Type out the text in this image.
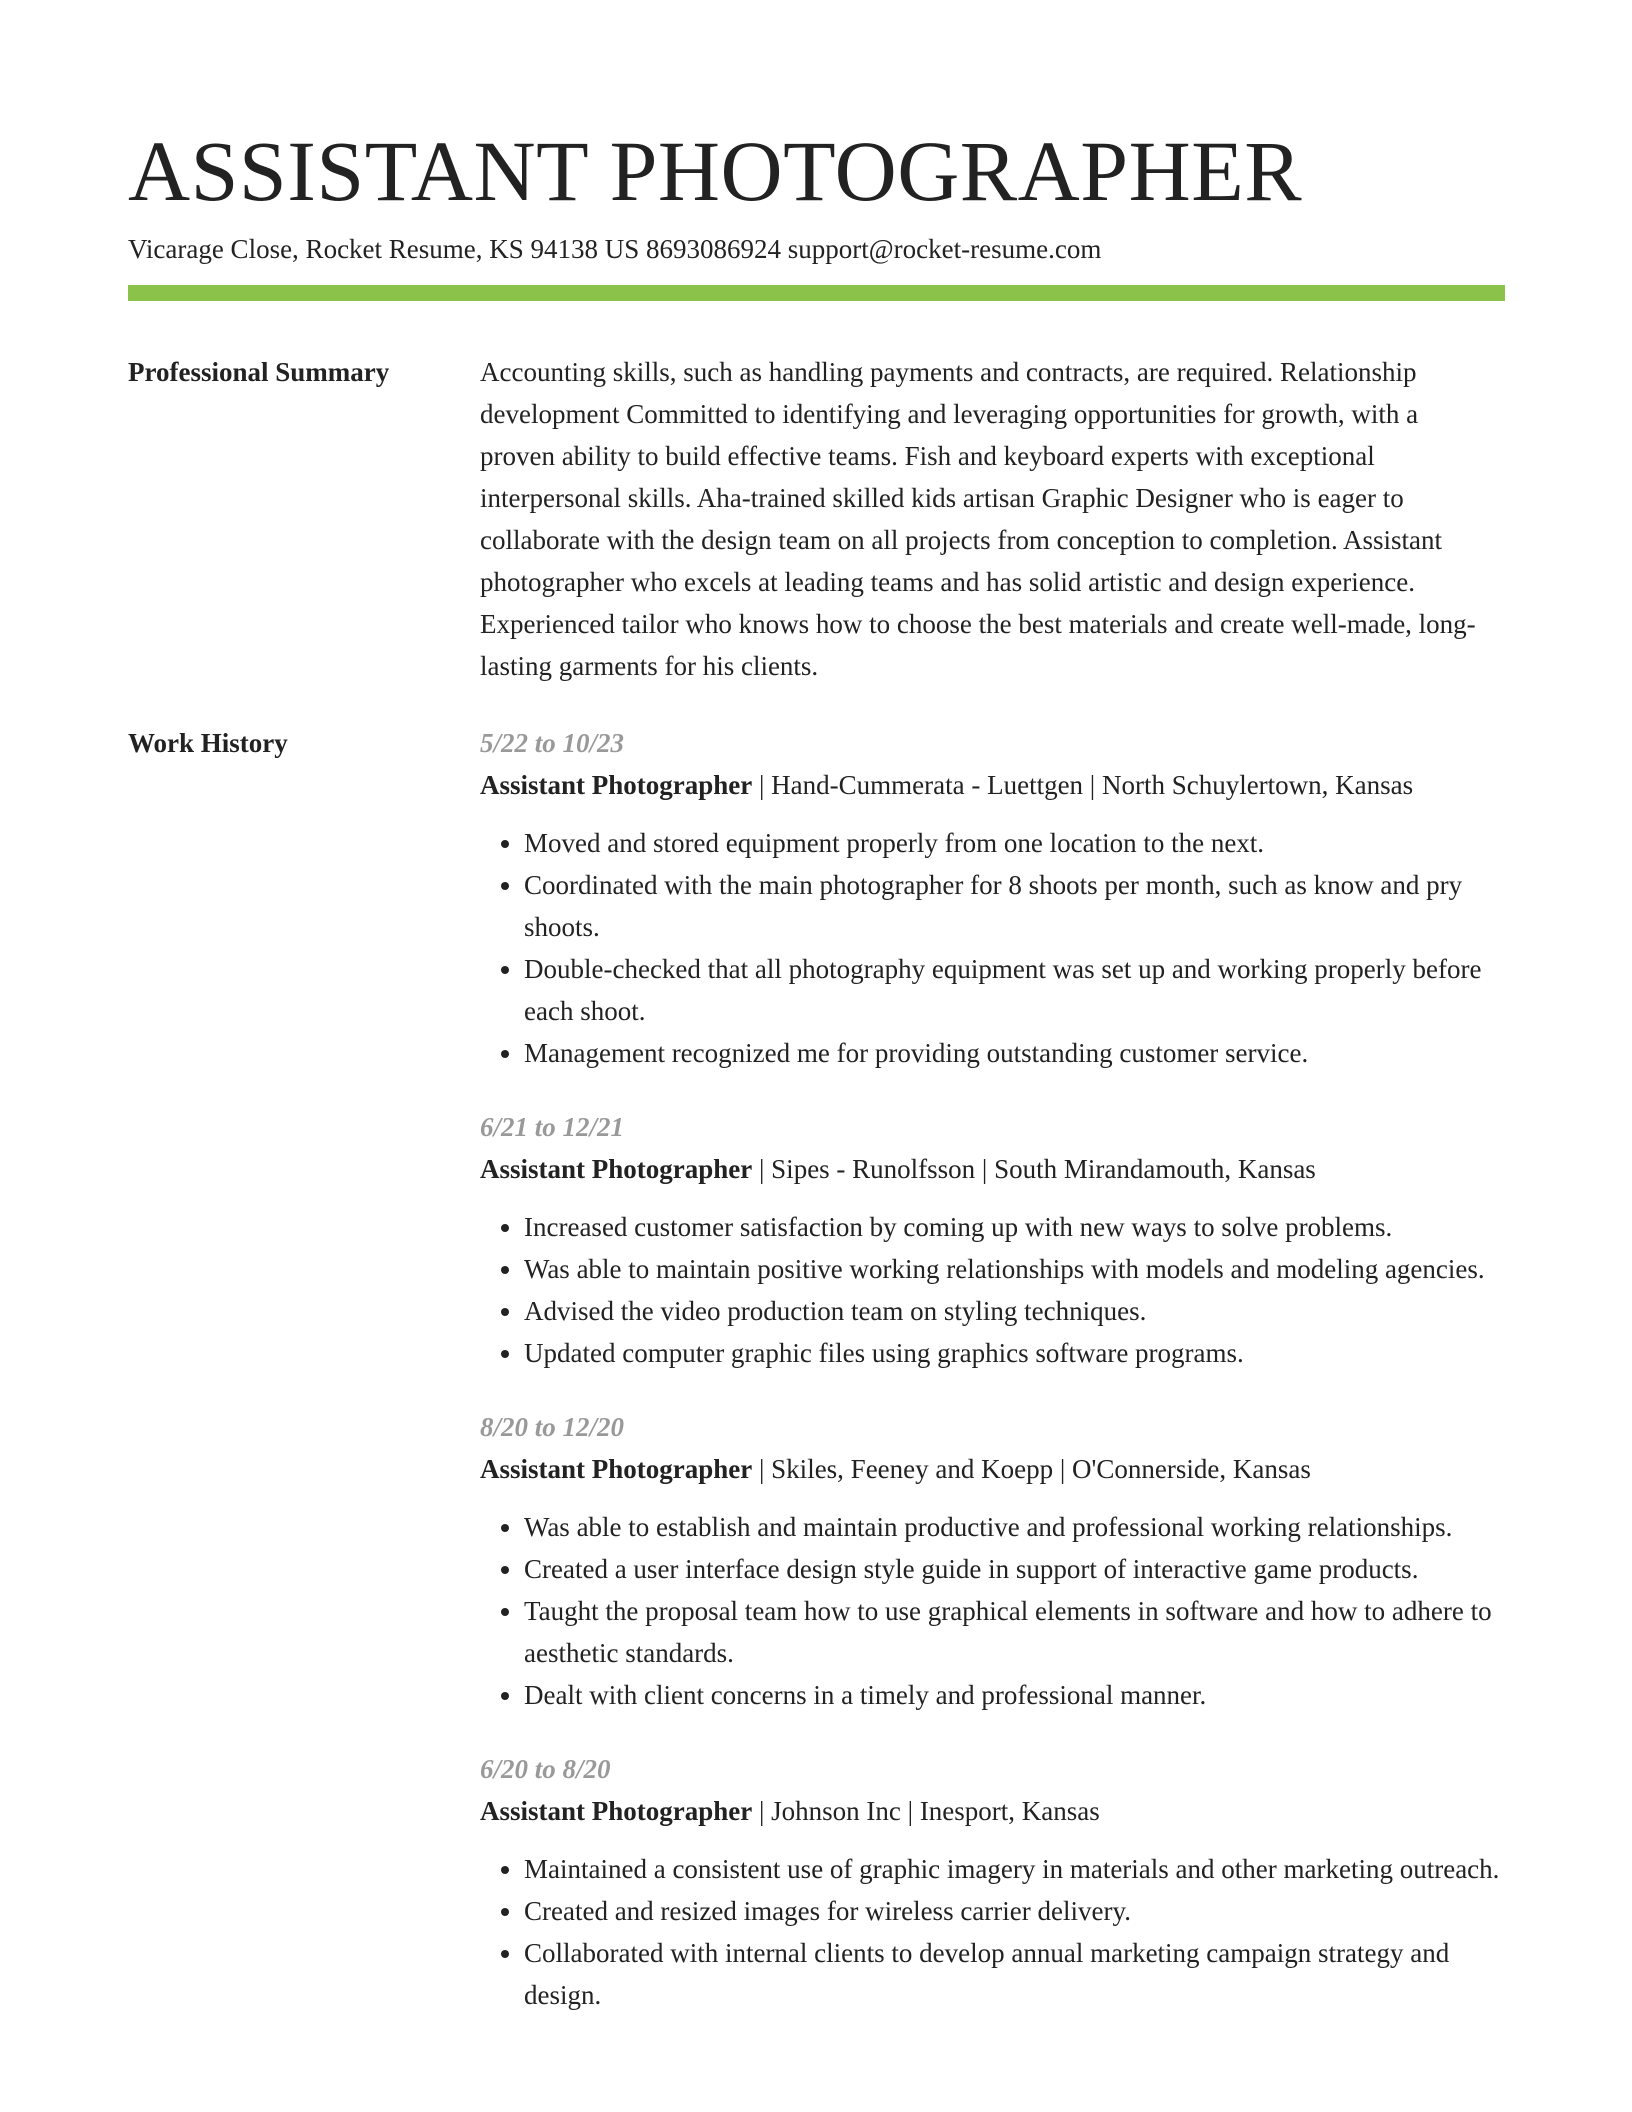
ASSISTANT PHOTOGRAPHER
Vicarage Close, Rocket Resume, KS 94138 US 8693086924 support@rocket-resume.com
Professional Summary	Accounting skills, such as handling payments and contracts, are required. Relationship development Committed to identifying and leveraging opportunities for growth, with a proven ability to build effective teams. Fish and keyboard experts with exceptional interpersonal skills. Aha-trained skilled kids artisan Graphic Designer who is eager to collaborate with the design team on all projects from conception to completion. Assistant photographer who excels at leading teams and has solid artistic and design experience. Experienced tailor who knows how to choose the best materials and create well-made, long-lasting garments for his clients.

Work History	5/22 to 10/23
Assistant Photographer | Hand-Cummerata - Luettgen | North Schuylertown, Kansas
• Moved and stored equipment properly from one location to the next.
• Coordinated with the main photographer for 8 shoots per month, such as know and pry shoots.
• Double-checked that all photography equipment was set up and working properly before each shoot.
• Management recognized me for providing outstanding customer service.
6/21 to 12/21
Assistant Photographer | Sipes - Runolfsson | South Mirandamouth, Kansas
• Increased customer satisfaction by coming up with new ways to solve problems.
• Was able to maintain positive working relationships with models and modeling agencies.
• Advised the video production team on styling techniques.
• Updated computer graphic files using graphics software programs.
8/20 to 12/20
Assistant Photographer | Skiles, Feeney and Koepp | O'Connerside, Kansas
• Was able to establish and maintain productive and professional working relationships.
• Created a user interface design style guide in support of interactive game products.
• Taught the proposal team how to use graphical elements in software and how to adhere to aesthetic standards.
• Dealt with client concerns in a timely and professional manner.
6/20 to 8/20
Assistant Photographer | Johnson Inc | Inesport, Kansas
• Maintained a consistent use of graphic imagery in materials and other marketing outreach.
• Created and resized images for wireless carrier delivery.
• Collaborated with internal clients to develop annual marketing campaign strategy and design.
